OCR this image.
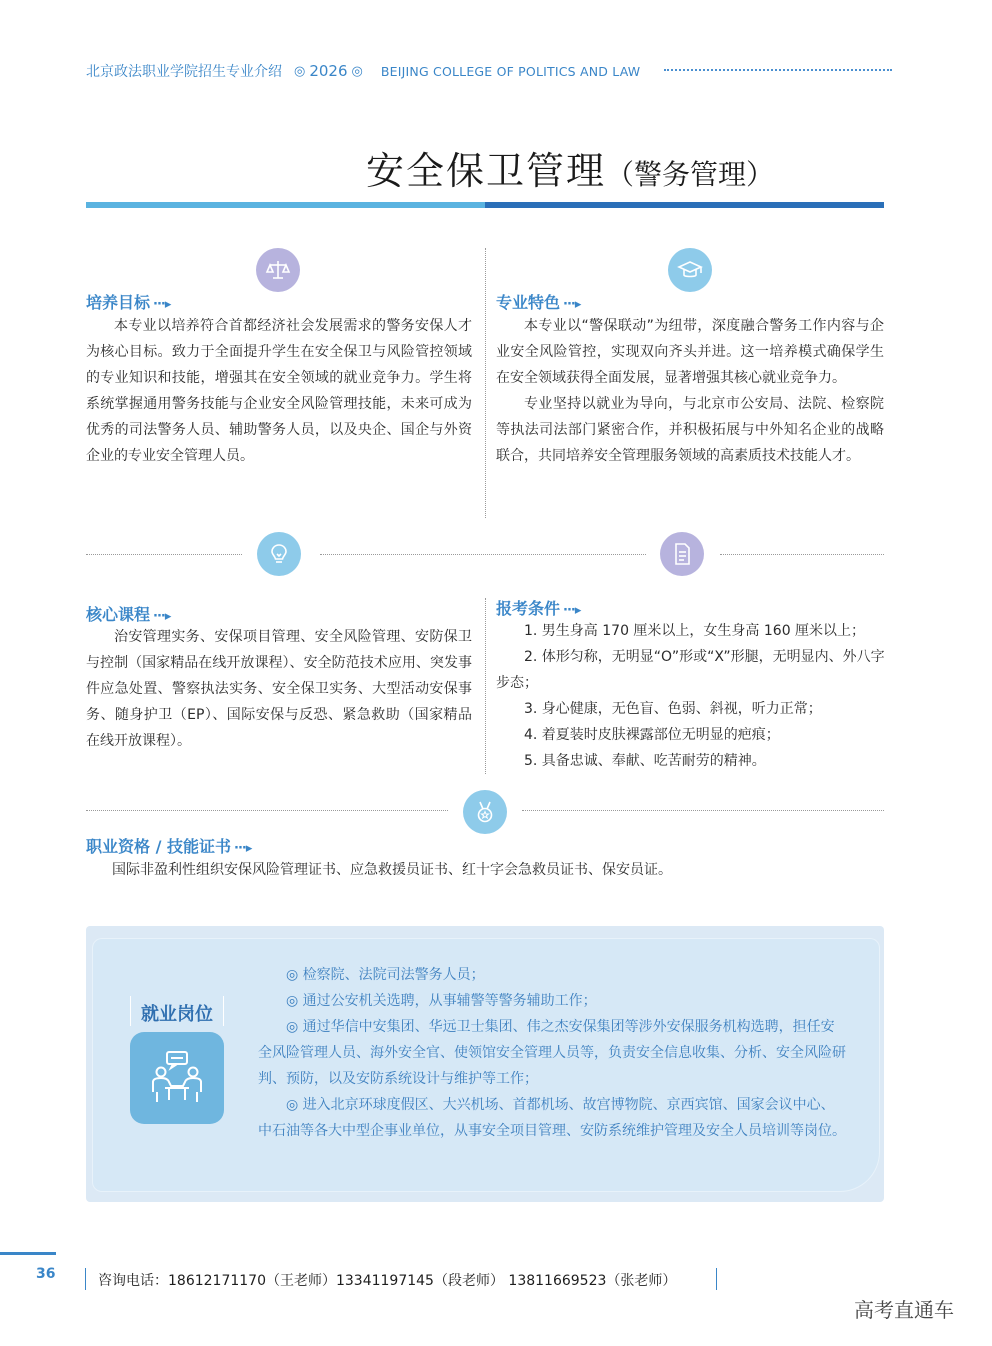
北京政法职业学院招生专业介绍 ◎ 2026 ◎ BEIJING COLLEGE OF POLITICS AND LAW
安全保卫管理（警务管理）
培养目标 ···▸

本专业以培养符合首都经济社会发展需求的警务安保人才为核心目标。致力于全面提升学生在安全保卫与风险管控领域的专业知识和技能，增强其在安全领域的就业竞争力。学生将系统掌握通用警务技能与企业安全风险管理技能，未来可成为优秀的司法警务人员、辅助警务人员，以及央企、国企与外资企业的专业安全管理人员。

专业特色 ···▸

本专业以“警保联动”为纽带，深度融合警务工作内容与企业安全风险管控，实现双向齐头并进。这一培养模式确保学生在安全领域获得全面发展，显著增强其核心就业竞争力。

专业坚持以就业为导向，与北京市公安局、法院、检察院等执法司法部门紧密合作，并积极拓展与中外知名企业的战略联合，共同培养安全管理服务领域的高素质技术技能人才。

核心课程 ···▸

治安管理实务、安保项目管理、安全风险管理、安防保卫与控制（国家精品在线开放课程）、安全防范技术应用、突发事件应急处置、警察执法实务、安全保卫实务、大型活动安保事务、随身护卫（EP）、国际安保与反恐、紧急救助（国家精品在线开放课程）。

报考条件 ···▸

1. 男生身高 170 厘米以上，女生身高 160 厘米以上；

2. 体形匀称，无明显“O”形或“X”形腿，无明显内、外八字步态；

3. 身心健康，无色盲、色弱、斜视，听力正常；

4. 着夏装时皮肤裸露部位无明显的疤痕；

5. 具备忠诚、奉献、吃苦耐劳的精神。

职业资格 / 技能证书 ···▸
国际非盈利性组织安保风险管理证书、应急救援员证书、红十字会急救员证书、保安员证。
就业岗位

◎ 检察院、法院司法警务人员；

◎ 通过公安机关选聘，从事辅警等警务辅助工作；

◎ 通过华信中安集团、华远卫士集团、伟之杰安保集团等涉外安保服务机构选聘，担任安全风险管理人员、海外安全官、使领馆安全管理人员等，负责安全信息收集、分析、安全风险研判、预防，以及安防系统设计与维护等工作；

◎ 进入北京环球度假区、大兴机场、首都机场、故宫博物院、京西宾馆、国家会议中心、中石油等各大中型企事业单位，从事安全项目管理、安防系统维护管理及安全人员培训等岗位。

36	咨询电话：18612171170（王老师）13341197145（段老师） 13811669523（张老师）
高考直通车
